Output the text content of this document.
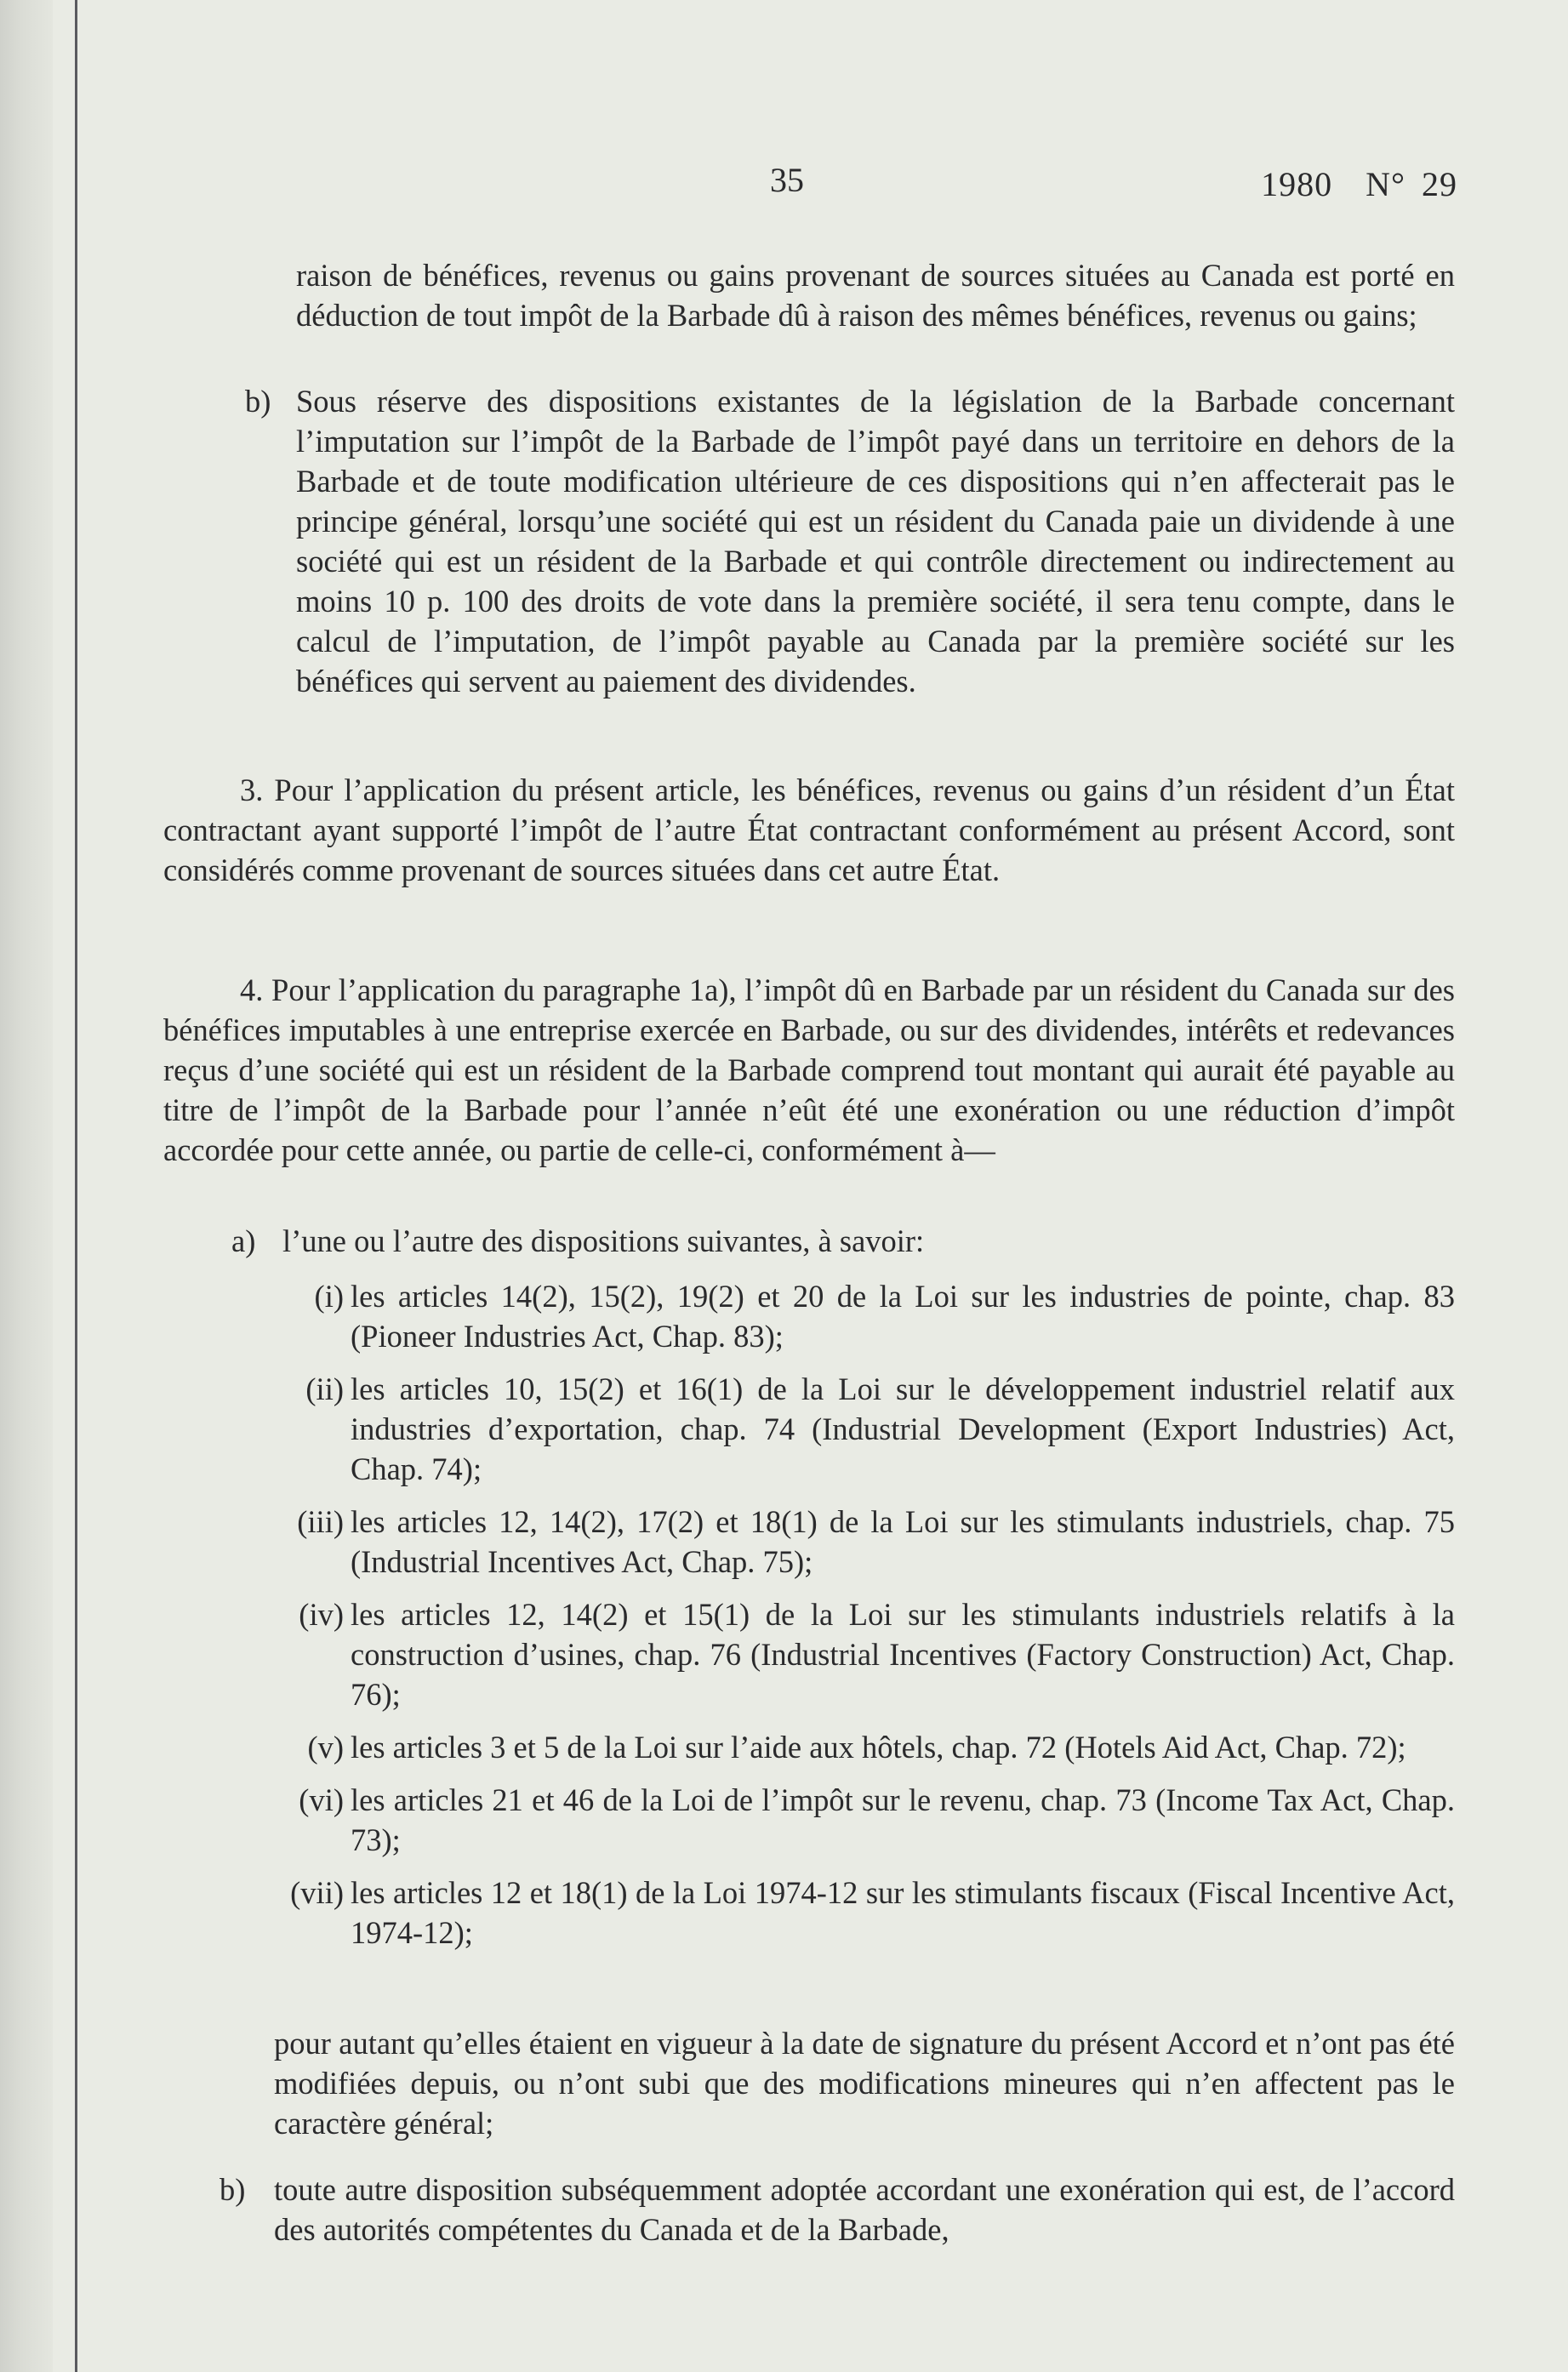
35	1980 N° 29

raison de bénéfices, revenus ou gains provenant de sources situées au Canada est porté en déduction de tout impôt de la Barbade dû à raison des mêmes bénéfices, revenus ou gains;

b) Sous réserve des dispositions existantes de la législation de la Barbade concernant l’imputation sur l’impôt de la Barbade de l’impôt payé dans un territoire en dehors de la Barbade et de toute modification ultérieure de ces dispositions qui n’en affecterait pas le principe général, lorsqu’une société qui est un résident du Canada paie un dividende à une société qui est un résident de la Barbade et qui contrôle directement ou indirectement au moins 10 p. 100 des droits de vote dans la première société, il sera tenu compte, dans le calcul de l’imputation, de l’impôt payable au Canada par la première société sur les bénéfices qui servent au paiement des dividendes.

3. Pour l’application du présent article, les bénéfices, revenus ou gains d’un résident d’un État contractant ayant supporté l’impôt de l’autre État contractant conformément au présent Accord, sont considérés comme provenant de sources situées dans cet autre État.

4. Pour l’application du paragraphe 1a), l’impôt dû en Barbade par un résident du Canada sur des bénéfices imputables à une entreprise exercée en Barbade, ou sur des dividendes, intérêts et redevances reçus d’une société qui est un résident de la Barbade comprend tout montant qui aurait été payable au titre de l’impôt de la Barbade pour l’année n’eût été une exonération ou une réduction d’impôt accordée pour cette année, ou partie de celle-ci, conformément à—

a) l’une ou l’autre des dispositions suivantes, à savoir:

(i) les articles 14(2), 15(2), 19(2) et 20 de la Loi sur les industries de pointe, chap. 83 (Pioneer Industries Act, Chap. 83);

(ii) les articles 10, 15(2) et 16(1) de la Loi sur le développement industriel relatif aux industries d’exportation, chap. 74 (Industrial Development (Export Industries) Act, Chap. 74);

(iii) les articles 12, 14(2), 17(2) et 18(1) de la Loi sur les stimulants industriels, chap. 75 (Industrial Incentives Act, Chap. 75);

(iv) les articles 12, 14(2) et 15(1) de la Loi sur les stimulants industriels relatifs à la construction d’usines, chap. 76 (Industrial Incentives (Factory Construction) Act, Chap. 76);

(v) les articles 3 et 5 de la Loi sur l’aide aux hôtels, chap. 72 (Hotels Aid Act, Chap. 72);

(vi) les articles 21 et 46 de la Loi de l’impôt sur le revenu, chap. 73 (Income Tax Act, Chap. 73);

(vii) les articles 12 et 18(1) de la Loi 1974-12 sur les stimulants fiscaux (Fiscal Incentive Act, 1974-12);

pour autant qu’elles étaient en vigueur à la date de signature du présent Accord et n’ont pas été modifiées depuis, ou n’ont subi que des modifications mineures qui n’en affectent pas le caractère général;

b) toute autre disposition subséquemment adoptée accordant une exonération qui est, de l’accord des autorités compétentes du Canada et de la Barbade,
